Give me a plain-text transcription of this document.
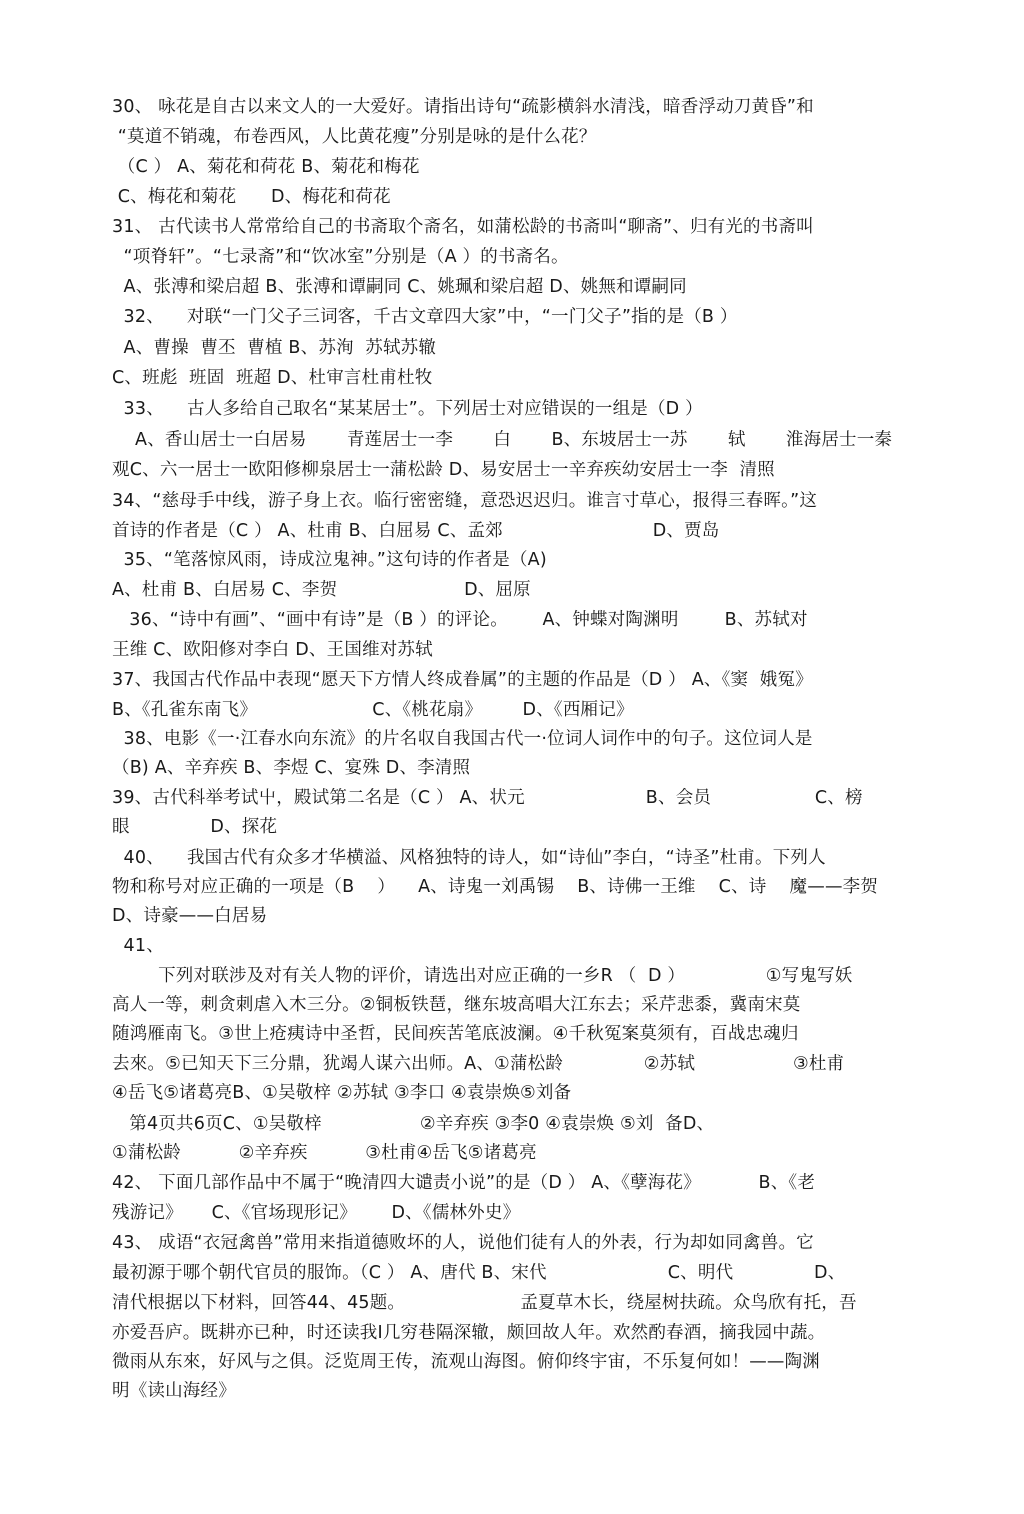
30、 咏花是自古以来文人的一大爱好。请指出诗句“疏影横斜水清浅，暗香浮动刀黄昏”和
“莫道不销魂，布卷西风，人比黄花瘦”分别是咏的是什么花？
（C ） A、菊花和荷花 B、菊花和梅花
C、梅花和菊花      D、梅花和荷花
31、 古代读书人常常给自己的书斋取个斋名，如蒲松龄的书斋叫“聊斋”、归有光的书斋叫
“项脊轩”。“七录斋”和“饮冰室”分别是（A ）的书斋名。
A、张溥和梁启超 B、张溥和谭嗣同 C、姚珮和梁启超 D、姚無和谭嗣同
32、    对联“一门父子三词客，千古文章四大家”中，“一门父子”指的是（B ）
A、曹操  曹丕  曹植 B、苏洵  苏轼苏辙
C、班彪  班固  班超 D、杜审言杜甫杜牧
33、    古人多给自己取名“某某居士”。下列居士对应错误的一组是（D ）
A、香山居士一白居易       青莲居士一李       白       B、东坡居士一苏       轼       淮海居士一秦
观C、六一居士一欧阳修柳泉居士一蒲松龄 D、易安居士一辛弃疾幼安居士一李  清照
34、“慈母手中线，游子身上衣。临行密密缝，意恐迟迟归。谁言寸草心，报得三春晖。”这
首诗的作者是（C ） A、杜甫 B、白屈易 C、孟郊                          D、贾岛
35、“笔落惊风雨，诗成泣鬼神。”这句诗的作者是（A)
A、杜甫 B、白居易 C、李贺                      D、屈原
36、“诗中有画”、“画中有诗”是（B ）的评论。      A、钟蝶对陶渊明        B、苏轼对
王维 C、欧阳修对李白 D、王国维对苏轼
37、我国古代作品中表现“愿天下方情人终成眷属”的主题的作品是（D ） A、《窦  娥冤》
B、《孔雀东南飞》                    C、《桃花扇》       D、《西厢记》
38、电影《一·江春水向东流》的片名収自我国古代一·位词人词作中的句子。这位词人是
（B) A、辛弃疾 B、李煜 C、宴殊 D、李清照
39、古代科举考试屮，殿试第二名是（C ） A、状元                     B、会员                  C、榜
眼              D、探花
40、    我国古代有众多才华横溢、风格独特的诗人，如“诗仙”李白，“诗圣”杜甫。下列人
物和称号对应正确的一项是（B    ）    A、诗鬼一刘禹锡    B、诗佛一王维    C、诗    魔——李贺
D、诗豪——白居易
41、
下列对联涉及对有关人物的评价，请选出对应正确的一乡R （  D ）              ①写鬼写妖
高人一等，刺贪刺虐入木三分。②铜板铁琶，继东坡高唱大江东去；采芹悲黍，冀南宋莫
随鸿雁南飞。③世上疮痍诗中圣哲，民间疾苦笔底波澜。④千秋冤案莫须有，百战忠魂归
去來。⑤已知天下三分鼎，犹竭人谋六出师。A、①蒲松龄              ②苏轼                 ③杜甫
④岳飞⑤诸葛亮B、①吴敬梓 ②苏轼 ③李口 ④袁崇焕⑤刘备
第4页共6页C、①吴敬梓                 ②辛弃疾 ③李0 ④袁崇焕 ⑤刘  备D、
①蒲松龄          ②辛弃疾          ③杜甫④岳飞⑤诸葛亮
42、 下面几部作品中不属于“晚清四大谴责小说”的是（D ） A、《孽海花》          B、《老
残游记》     C、《官场现形记》      D、《儒林外史》
43、 成语“衣冠禽兽”常用来指道德败坏的人，说他们徒有人的外表，行为却如同禽兽。它
最初源于哪个朝代官员的服饰。（C ） A、唐代 B、宋代                     C、明代              D、
清代根据以下材料，回答44、45题。                    孟夏草木长，绕屋树扶疏。众鸟欣有托，吾
亦爱吾庐。既耕亦已种，时还读我I几穷巷隔深辙，颇回故人年。欢然酌春酒，摘我园中蔬。
微雨从东來，好风与之俱。泛览周王传，流观山海图。俯仰终宇宙，不乐复何如！——陶渊
明《读山海经》
